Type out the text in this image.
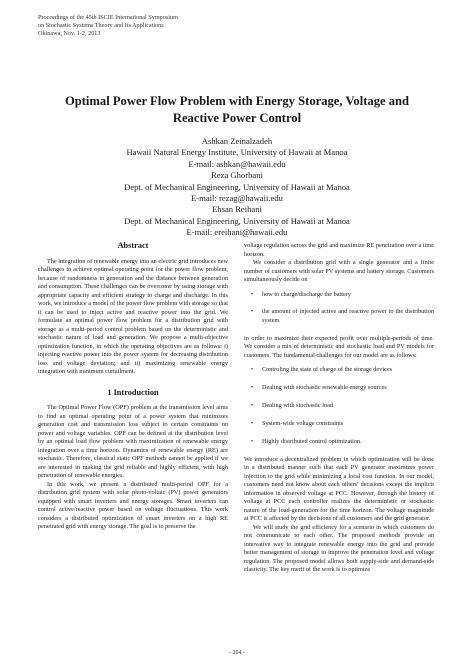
Proceedings of the 45th ISCIE International Symposium
on Stochastic Systems Theory and Its Applications
Okinawa, Nov. 1-2, 2013
Optimal Power Flow Problem with Energy Storage, Voltage and
Reactive Power Control
Ashkan Zeinalzadeh
Hawaii Natural Energy Institute, University of Hawaii at Manoa
E-mail: ashkan@hawaii.edu
Reza Ghorbani
Dept. of Mechanical Engineering, University of Hawaii at Manoa
E-mail: rezag@hawaii.edu
Ehsan Reihani
Dept. of Mechanical Engineering, University of Hawaii at Manoa
E-mail: ereihani@hawaii.edu
Abstract

The integration of renewable energy into an electric grid introduces new challenges to achieve optimal operating point for the power flow problem, because of randomness in generation and the distance between generation and consumption. These challenges can be overcome by using storage with appropriate capacity and efficient strategy to charge and discharge. In this work, we introduce a model of the power flow problem with storage so that it can be used to inject active and reactive power into the grid. We formulate an optimal power flow problem for a distribution grid with storage as a multi-period control problem based on the deterministic and stochastic nature of load and generation. We propose a multi-objective optimization function, in which the operating objectives are as follows: i) injecting reactive power into the power system for decreasing distribution loss and voltage deviation; and ii) maximizing renewable energy integration with minimum curtailment.

1 Introduction

The Optimal Power Flow (OPF) problem at the transmission level aims to find an optimal operating point of a power system that minimizes generation cost and transmission loss subject to certain constraints on power and voltage variables. OPF can be defined at the distribution level by an optimal load flow problem with maximization of renewable energy integration over a time horizon. Dynamics of renewable energy (RE) are stochastic. Therefore, classical static OPF methods cannot be applied if we are interested in making the grid reliable and highly efficient, with high penetration of renewable energies.

In this work, we present a distributed multi-period OPF for a distribution grid system with solar photo-voltaic (PV) power generators equipped with smart inverters and energy storages. Smart inverters can control active/reactive power based on voltage fluctuations. This work considers a distributed optimization of smart inverters on a high RE penetrated grid with energy storage. The goal is to preserve the

voltage regulation across the grid and maximize RE penetration over a time horizon.

We consider a distribution grid with a single generator and a finite number of customers with solar PV systems and battery storage. Customers simultaneously decide on

• how to charge/discharge the battery
• the amount of injected active and reactive power to the distribution system

in order to maximize their expected profit over multiple-periods of time. We consider a mix of deterministic and stochastic load and PV models for customers. The fundamental challenges for our model are as follows:

• Controling the state of charge of the storage devices
• Dealing with stochastic renewable energy sources
• Dealing with stochastic load
• System-wide voltage constraints
• Highly distributed control optimization.

We introduce a decentralized problem in which optimization will be done in a distributed manner such that each PV generator maximizes power injection to the grid while minimizing a local cost function. In our model, customers need not know about each others' decisions except the implicit information in observed voltage at PCC. However, through the history of voltage at PCC each controller realizes the deterministic or stochastic nature of the load-generation for the time horizon. The voltage magnitude at PCC is affected by the decisions of all customers and the grid generator.

We will study the grid efficiency for a scenario in which customers do not communicate to each other. The proposed methods provide an innovative way to integrate renewable energy into the grid and provide better management of storage to improve the penetration level and voltage regulation. The proposed model allows both supply-side and demand-side elasticity. The key merit of the work is to optimize

- 204 -
